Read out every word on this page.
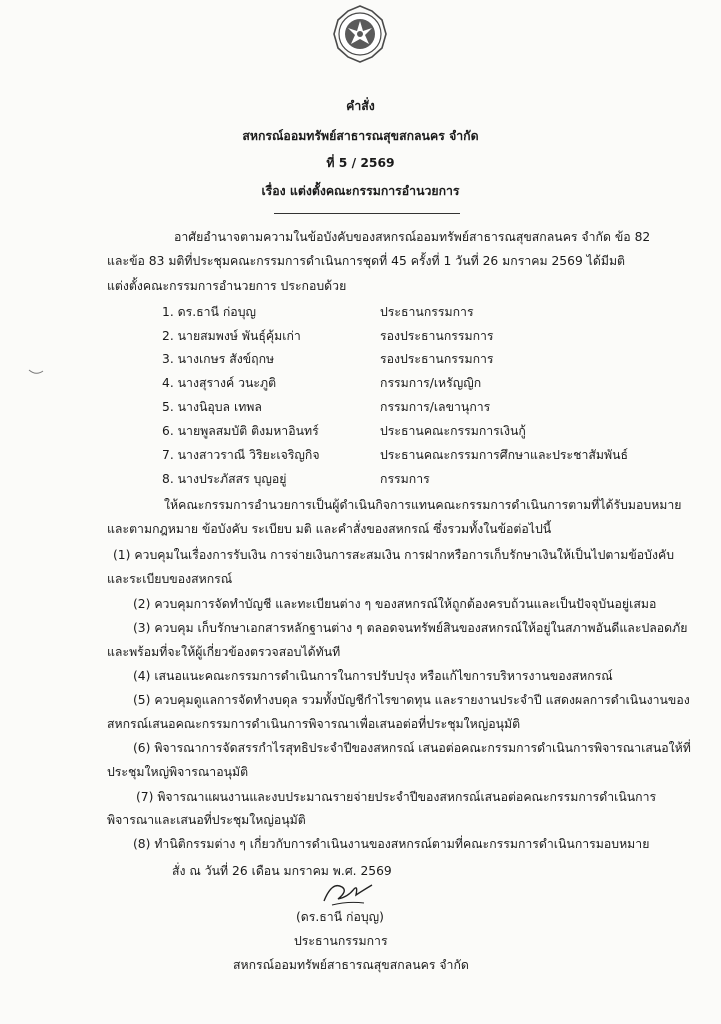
คำสั่ง
สหกรณ์ออมทรัพย์สาธารณสุขสกลนคร จำกัด
ที่ 5 / 2569
เรื่อง แต่งตั้งคณะกรรมการอำนวยการ
อาศัยอำนาจตามความในข้อบังคับของสหกรณ์ออมทรัพย์สาธารณสุขสกลนคร จำกัด ข้อ 82
และข้อ 83 มติที่ประชุมคณะกรรมการดำเนินการชุดที่ 45 ครั้งที่ 1 วันที่ 26 มกราคม 2569 ได้มีมติ
แต่งตั้งคณะกรรมการอำนวยการ ประกอบด้วย
1. ดร.ธานี ก่อบุญ	ประธานกรรมการ
2. นายสมพงษ์ พันธุ์คุ้มเก่า	รองประธานกรรมการ
3. นางเกษร สังข์ฤกษ	รองประธานกรรมการ
4. นางสุรางค์ วนะภูติ	กรรมการ/เหรัญญิก
5. นางนิอุบล เทพล	กรรมการ/เลขานุการ
6. นายพูลสมบัติ ติงมหาอินทร์	ประธานคณะกรรมการเงินกู้
7. นางสาวราณี วิริยะเจริญกิจ	ประธานคณะกรรมการศึกษาและประชาสัมพันธ์
8. นางประภัสสร บุญอยู่	กรรมการ
ให้คณะกรรมการอำนวยการเป็นผู้ดำเนินกิจการแทนคณะกรรมการดำเนินการตามที่ได้รับมอบหมาย
และตามกฎหมาย ข้อบังคับ ระเบียบ มติ และคำสั่งของสหกรณ์ ซึ่งรวมทั้งในข้อต่อไปนี้
(1) ควบคุมในเรื่องการรับเงิน การจ่ายเงินการสะสมเงิน การฝากหรือการเก็บรักษาเงินให้เป็นไปตามข้อบังคับ
และระเบียบของสหกรณ์
(2) ควบคุมการจัดทำบัญชี และทะเบียนต่าง ๆ ของสหกรณ์ให้ถูกต้องครบถ้วนและเป็นปัจจุบันอยู่เสมอ
(3) ควบคุม เก็บรักษาเอกสารหลักฐานต่าง ๆ ตลอดจนทรัพย์สินของสหกรณ์ให้อยู่ในสภาพอันดีและปลอดภัย
และพร้อมที่จะให้ผู้เกี่ยวข้องตรวจสอบได้ทันที
(4) เสนอแนะคณะกรรมการดำเนินการในการปรับปรุง หรือแก้ไขการบริหารงานของสหกรณ์
(5) ควบคุมดูแลการจัดทำงบดุล รวมทั้งบัญชีกำไรขาดทุน และรายงานประจำปี แสดงผลการดำเนินงานของ
สหกรณ์เสนอคณะกรรมการดำเนินการพิจารณาเพื่อเสนอต่อที่ประชุมใหญ่อนุมัติ
(6) พิจารณาการจัดสรรกำไรสุทธิประจำปีของสหกรณ์ เสนอต่อคณะกรรมการดำเนินการพิจารณาเสนอให้ที่
ประชุมใหญ่พิจารณาอนุมัติ
(7) พิจารณาแผนงานและงบประมาณรายจ่ายประจำปีของสหกรณ์เสนอต่อคณะกรรมการดำเนินการ
พิจารณาและเสนอที่ประชุมใหญ่อนุมัติ
(8) ทำนิติกรรมต่าง ๆ เกี่ยวกับการดำเนินงานของสหกรณ์ตามที่คณะกรรมการดำเนินการมอบหมาย
สั่ง ณ วันที่ 26 เดือน มกราคม พ.ศ. 2569
(ดร.ธานี ก่อบุญ)
ประธานกรรมการ
สหกรณ์ออมทรัพย์สาธารณสุขสกลนคร จำกัด
